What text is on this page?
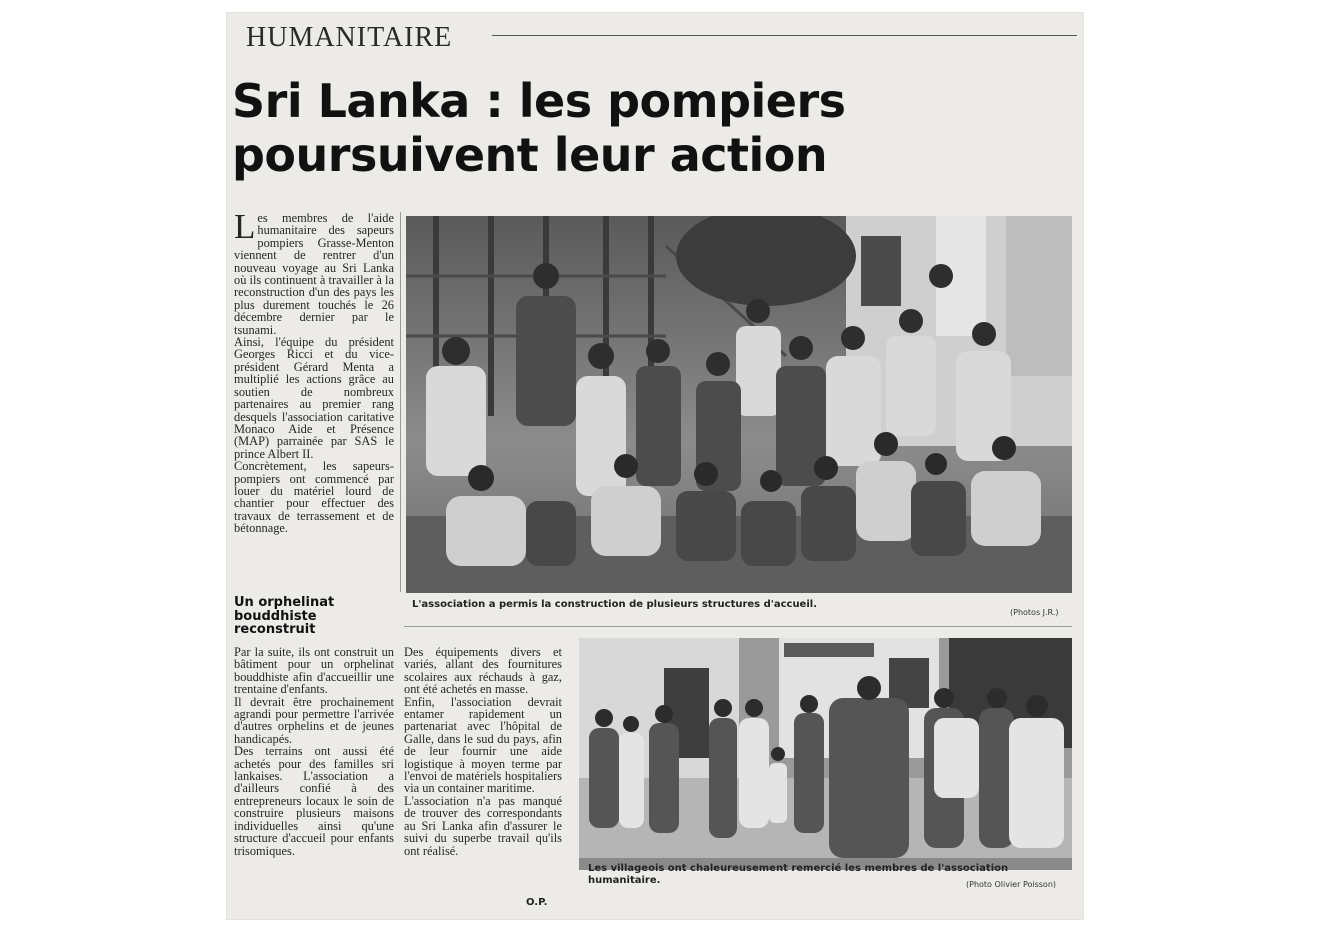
HUMANITAIRE
Sri Lanka : les pompiers poursuivent leur action

Les membres de l'aide humanitaire des sapeurs pompiers Grasse-Menton viennent de rentrer d'un nouveau voyage au Sri Lanka où ils continuent à travailler à la reconstruction d'un des pays les plus durement touchés le 26 décembre dernier par le tsunami.

Ainsi, l'équipe du président Georges Ricci et du vice-président Gérard Menta a multiplié les actions grâce au soutien de nombreux partenaires au premier rang desquels l'association caritative Monaco Aide et Présence (MAP) parrainée par SAS le prince Albert II.

Concrètement, les sapeurs-pompiers ont commencé par louer du matériel lourd de chantier pour effectuer des travaux de terrassement et de bétonnage.

Un orphelinat bouddhiste reconstruit

Par la suite, ils ont construit un bâtiment pour un orphelinat bouddhiste afin d'accueillir une trentaine d'enfants.

Il devrait être prochainement agrandi pour permettre l'arrivée d'autres orphelins et de jeunes handicapés.

Des terrains ont aussi été achetés pour des familles sri lankaises. L'association a d'ailleurs confié à des entrepreneurs locaux le soin de construire plusieurs maisons individuelles ainsi qu'une structure d'accueil pour enfants trisomiques.

Des équipements divers et variés, allant des fournitures scolaires aux réchauds à gaz, ont été achetés en masse.

Enfin, l'association devrait entamer rapidement un partenariat avec l'hôpital de Galle, dans le sud du pays, afin de leur fournir une aide logistique à moyen terme par l'envoi de matériels hospitaliers via un container maritime.

L'association n'a pas manqué de trouver des correspondants au Sri Lanka afin d'assurer le suivi du superbe travail qu'ils ont réalisé.

O.P.
L'association a permis la construction de plusieurs structures d'accueil.
(Photos J.R.)
Les villageois ont chaleureusement remercié les membres de l'association humanitaire.	(Photo Olivier Poisson)
